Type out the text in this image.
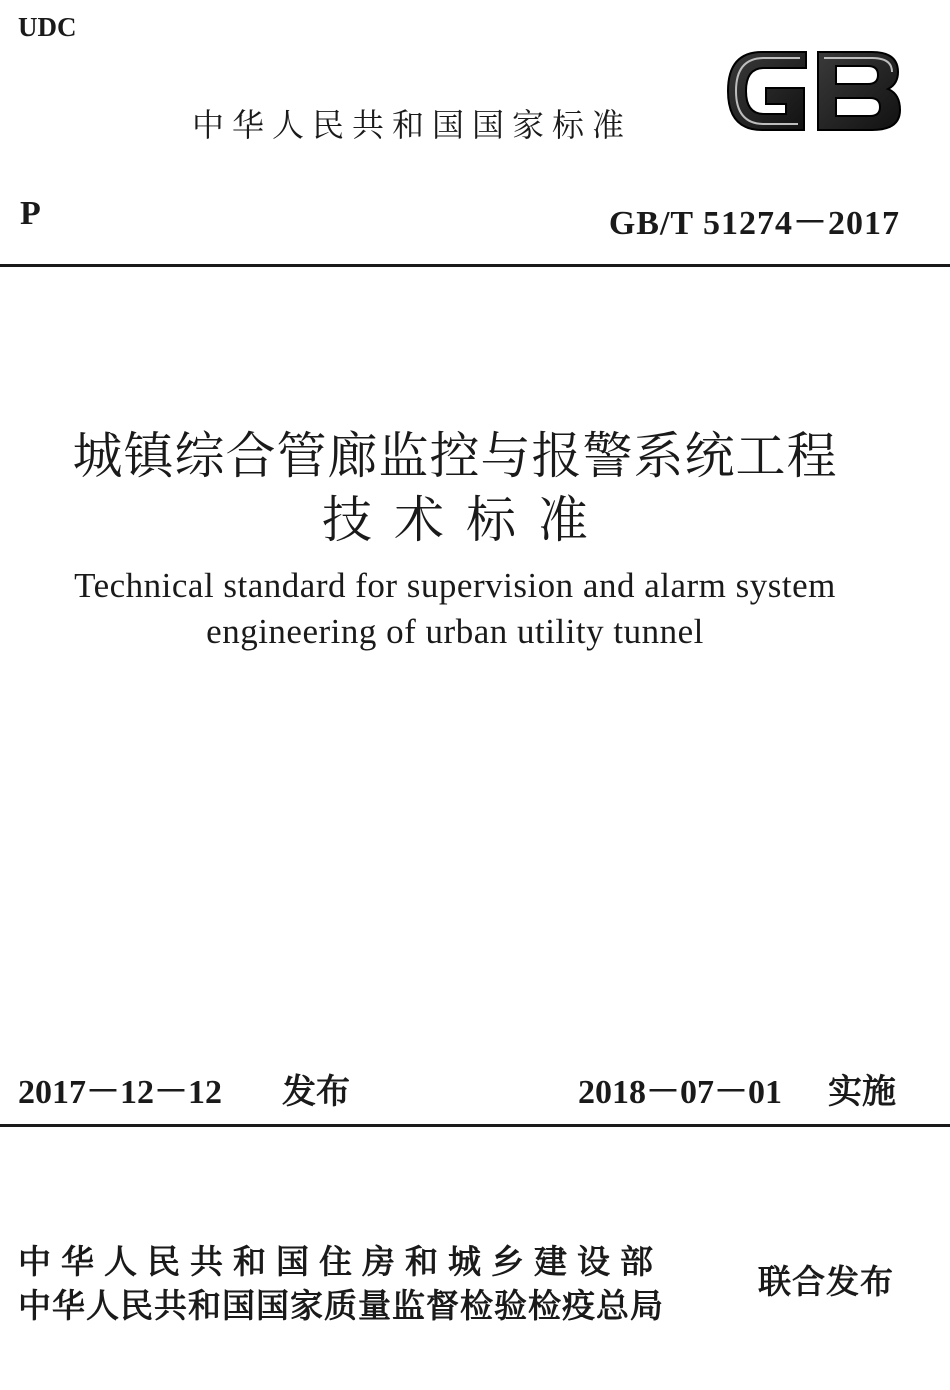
UDC
中华人民共和国国家标准
P	GB/T 51274－2017
城镇综合管廊监控与报警系统工程
技术标准
Technical standard for supervision and alarm system
engineering of urban utility tunnel
2017－12－12 发布	2018－07－01 实施
中华人民共和国住房和城乡建设部
中华人民共和国国家质量监督检验检疫总局
联合发布
